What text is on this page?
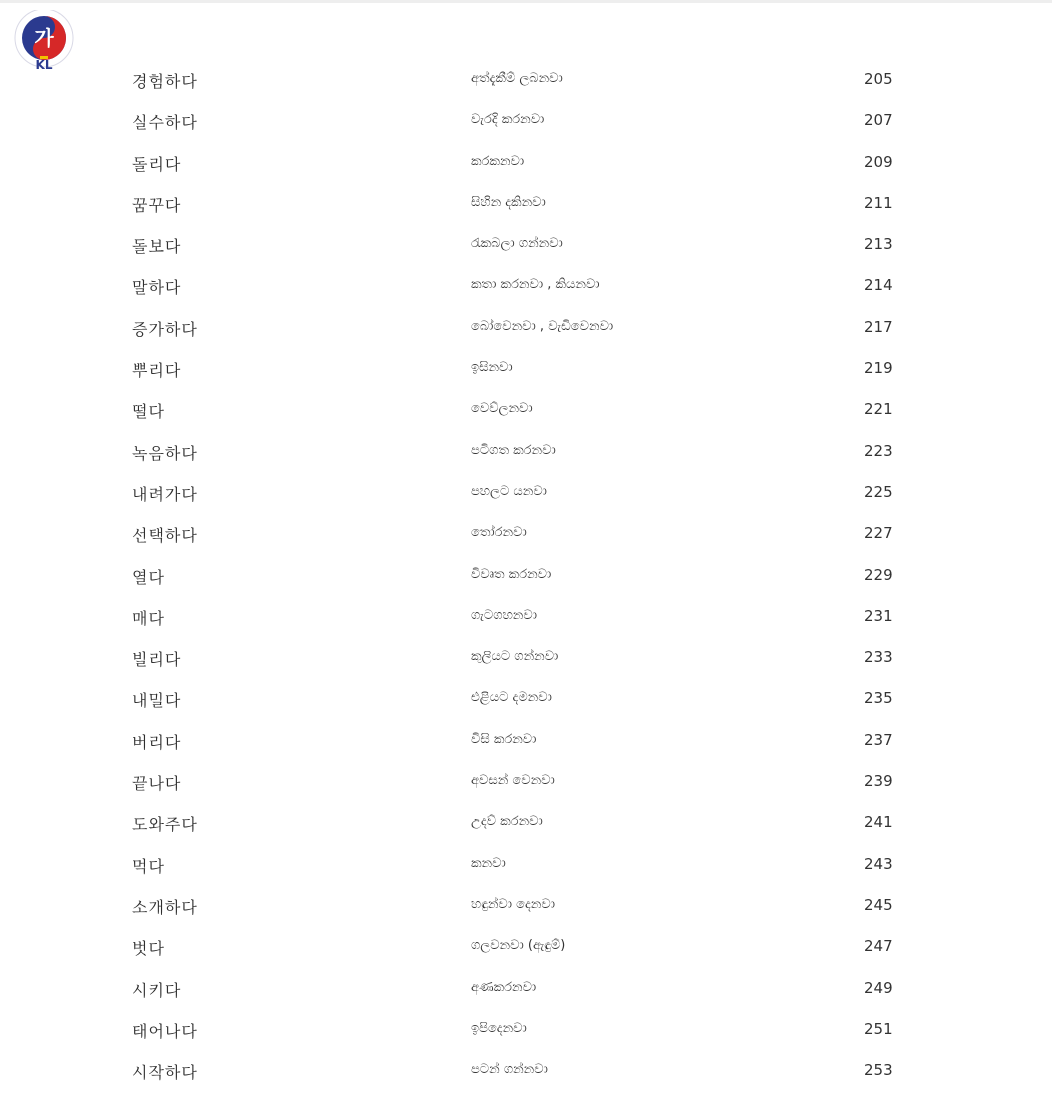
가
KL
경험하다	අත්දැකීම් ලබනවා	205
실수하다	වැරදි කරනවා	207
돌리다	කරකනවා	209
꿈꾸다	සිහින දකිනවා	211
돌보다	රැකබලා ගන්නවා	213
말하다	කතා කරනවා , කියනවා	214
증가하다	බෝවෙනවා , වැඩිවෙනවා	217
뿌리다	ඉසිනවා	219
떨다	වෙව්ලනවා	221
녹음하다	පටිගත කරනවා	223
내려가다	පහලට යනවා	225
선택하다	තෝරනවා	227
열다	විවෘත කරනවා	229
매다	ගැටගහනවා	231
빌리다	කුලියට ගන්නවා	233
내밀다	එළියට දමනවා	235
버리다	විසි කරනවා	237
끝나다	අවසන් වෙනවා	239
도와주다	උදව් කරනවා	241
먹다	කනවා	243
소개하다	හඳුන්වා දෙනවා	245
벗다	ගලවනවා (ඇඳුම්)	247
시키다	අණකරනවා	249
태어나다	ඉපිදෙනවා	251
시작하다	පටන් ගන්නවා	253
